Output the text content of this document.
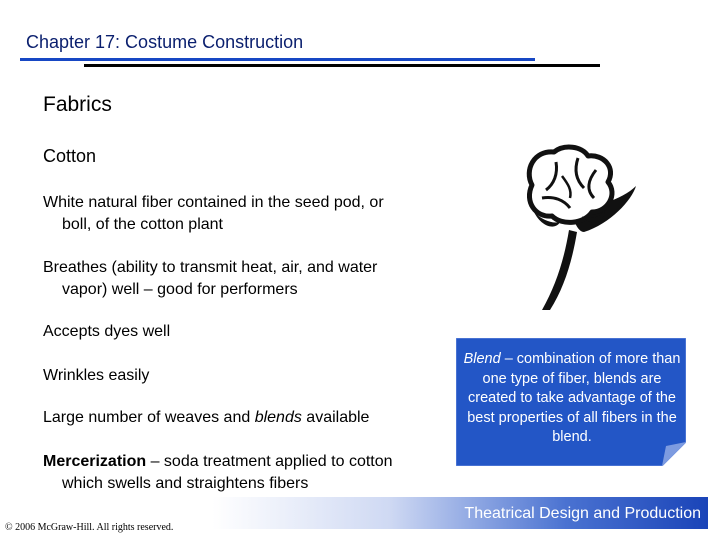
Chapter 17: Costume Construction
Fabrics
Cotton
White natural fiber contained in the seed pod, or
boll, of the cotton plant
Breathes (ability to transmit heat, air, and water
vapor) well – good for performers
Accepts dyes well
Wrinkles easily
Large number of weaves and blends available
Mercerization – soda treatment applied to cotton
which swells and straightens fibers
Blend – combination of more than one type of fiber, blends are created to take advantage of the best properties of all fibers in the blend.
Theatrical Design and Production
© 2006 McGraw-Hill. All rights reserved.
